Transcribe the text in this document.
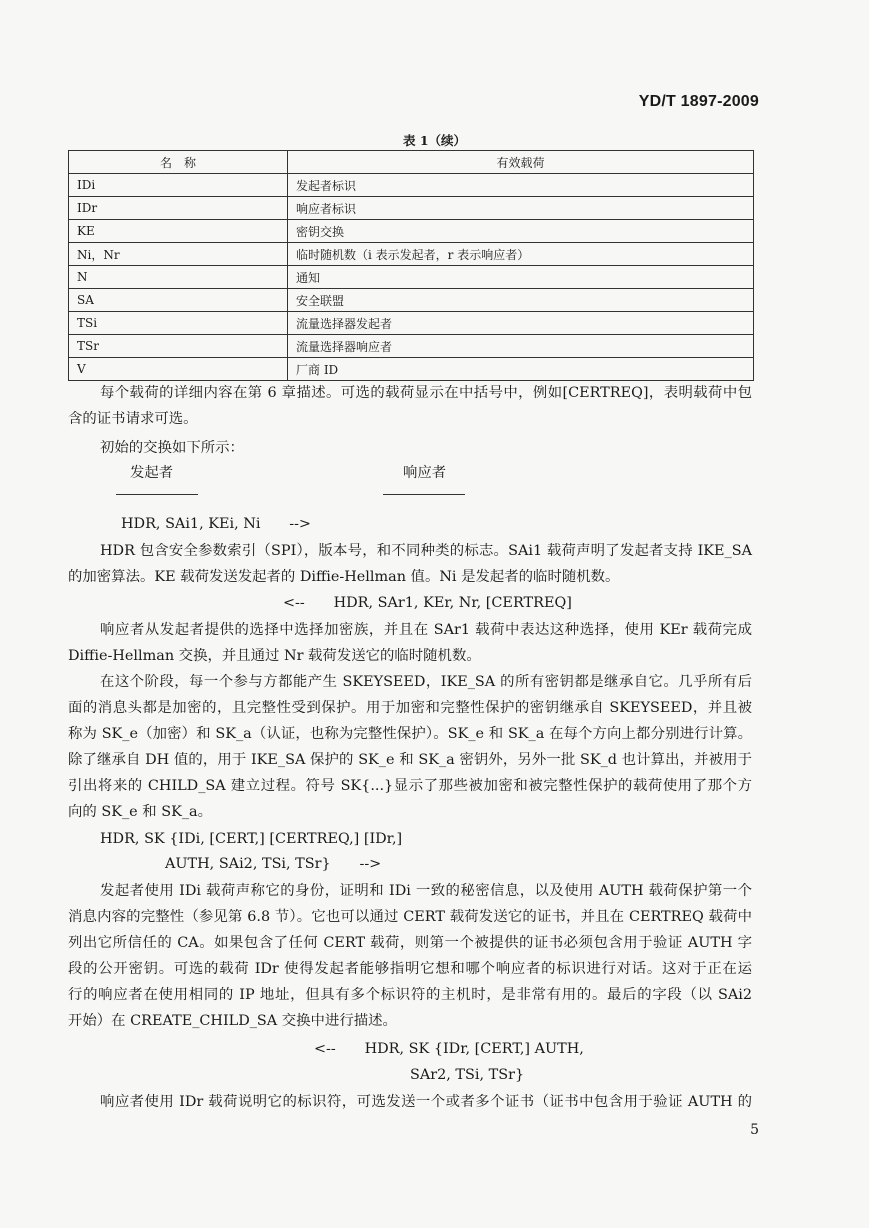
YD/T 1897-2009
表 1（续）
名　称	有效载荷
IDi	发起者标识
IDr	响应者标识
KE	密钥交换
Ni，Nr	临时随机数（i 表示发起者，r 表示响应者）
N	通知
SA	安全联盟
TSi	流量选择器发起者
TSr	流量选择器响应者
V	厂商 ID
每个载荷的详细内容在第 6 章描述。可选的载荷显示在中括号中，例如[CERTREQ]，表明载荷中包
含的证书请求可选。
初始的交换如下所示：
发起者	响应者
HDR, SAi1, KEi, Ni　　-->
HDR 包含安全参数索引（SPI），版本号，和不同种类的标志。SAi1 载荷声明了发起者支持 IKE_SA
的加密算法。KE 载荷发送发起者的 Diffie-Hellman 值。Ni 是发起者的临时随机数。
<--　　HDR, SAr1, KEr, Nr, [CERTREQ]
响应者从发起者提供的选择中选择加密族，并且在 SAr1 载荷中表达这种选择，使用 KEr 载荷完成
Diffie-Hellman 交换，并且通过 Nr 载荷发送它的临时随机数。
在这个阶段，每一个参与方都能产生 SKEYSEED，IKE_SA 的所有密钥都是继承自它。几乎所有后
面的消息头都是加密的，且完整性受到保护。用于加密和完整性保护的密钥继承自 SKEYSEED，并且被
称为 SK_e（加密）和 SK_a（认证，也称为完整性保护）。SK_e 和 SK_a 在每个方向上都分别进行计算。
除了继承自 DH 值的，用于 IKE_SA 保护的 SK_e 和 SK_a 密钥外，另外一批 SK_d 也计算出，并被用于
引出将来的 CHILD_SA 建立过程。符号 SK{...}显示了那些被加密和被完整性保护的载荷使用了那个方
向的 SK_e 和 SK_a。
HDR, SK {IDi, [CERT,] [CERTREQ,] [IDr,]
AUTH, SAi2, TSi, TSr}　　-->
发起者使用 IDi 载荷声称它的身份，证明和 IDi 一致的秘密信息，以及使用 AUTH 载荷保护第一个
消息内容的完整性（参见第 6.8 节）。它也可以通过 CERT 载荷发送它的证书，并且在 CERTREQ 载荷中
列出它所信任的 CA。如果包含了任何 CERT 载荷，则第一个被提供的证书必须包含用于验证 AUTH 字
段的公开密钥。可选的载荷 IDr 使得发起者能够指明它想和哪个响应者的标识进行对话。这对于正在运
行的响应者在使用相同的 IP 地址，但具有多个标识符的主机时，是非常有用的。最后的字段（以 SAi2
开始）在 CREATE_CHILD_SA 交换中进行描述。
<--　　HDR, SK {IDr, [CERT,] AUTH,
SAr2, TSi, TSr}
响应者使用 IDr 载荷说明它的标识符，可选发送一个或者多个证书（证书中包含用于验证 AUTH 的
5
